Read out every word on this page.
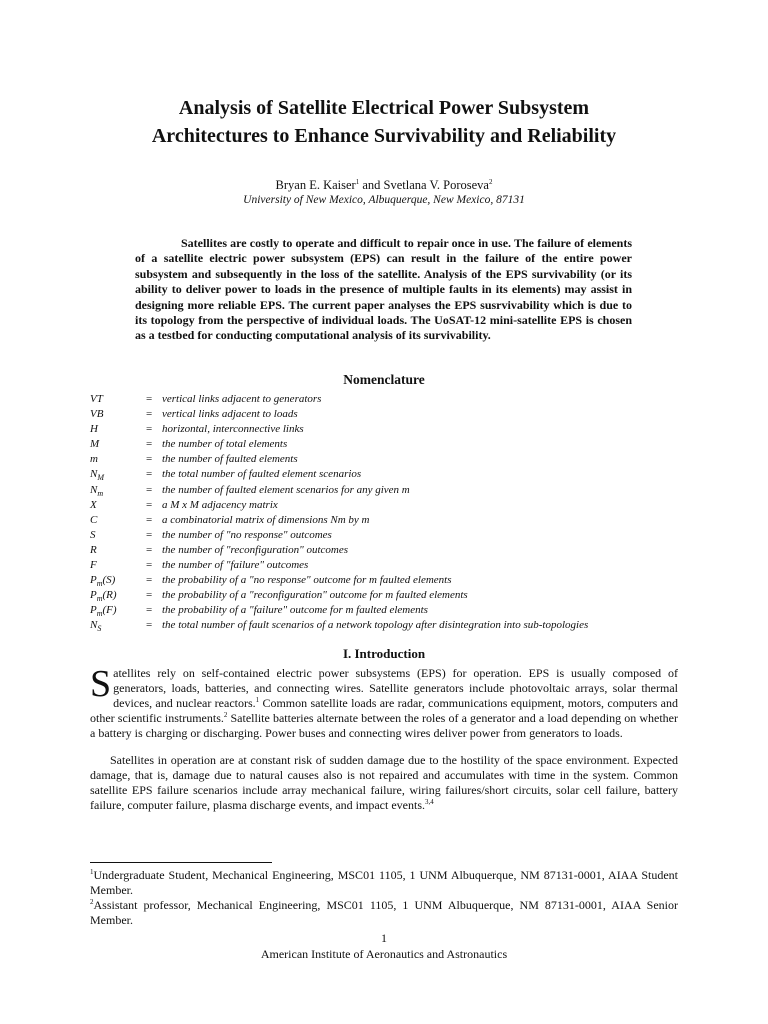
Analysis of Satellite Electrical Power Subsystem
Architectures to Enhance Survivability and Reliability
Bryan E. Kaiser$^1$ and Svetlana V. Poroseva$^2$
University of New Mexico, Albuquerque, New Mexico, 87131
Satellites are costly to operate and difficult to repair once in use. The failure of elements of a satellite electric power subsystem (EPS) can result in the failure of the entire power subsystem and subsequently in the loss of the satellite. Analysis of the EPS survivability (or its ability to deliver power to loads in the presence of multiple faults in its elements) may assist in designing more reliable EPS. The current paper analyses the EPS susrvivability which is due to its topology from the perspective of individual loads. The UoSAT-12 mini-satellite EPS is chosen as a testbed for conducting computational analysis of its survivability.
Nomenclature
VT	= vertical links adjacent to generators
VB	= vertical links adjacent to loads
H	= horizontal, interconnective links
M	= the number of total elements
m	= the number of faulted elements
$N_M$	= the total number of faulted element scenarios
$N_m$	= the number of faulted element scenarios for any given m
X	= a M x M adjacency matrix
C	= a combinatorial matrix of dimensions Nm by m
S	= the number of "no response" outcomes
R	= the number of "reconfiguration" outcomes
F	= the number of "failure" outcomes
$P_m(S)$	= the probability of a "no response" outcome for m faulted elements
$P_m(R)$	= the probability of a "reconfiguration" outcome for m faulted elements
$P_m(F)$	= the probability of a "failure" outcome for m faulted elements
$N_S$	= the total number of fault scenarios of a network topology after disintegration into sub-topologies
I. Introduction
Satellites rely on self-contained electric power subsystems (EPS) for operation. EPS is usually composed of generators, loads, batteries, and connecting wires. Satellite generators include photovoltaic arrays, solar thermal devices, and nuclear reactors.$^1$ Common satellite loads are radar, communications equipment, motors, computers and other scientific instruments.$^2$ Satellite batteries alternate between the roles of a generator and a load depending on whether a battery is charging or discharging. Power buses and connecting wires deliver power from generators to loads.
Satellites in operation are at constant risk of sudden damage due to the hostility of the space environment. Expected damage, that is, damage due to natural causes also is not repaired and accumulates with time in the system. Common satellite EPS failure scenarios include array mechanical failure, wiring failures/short circuits, solar cell failure, battery failure, computer failure, plasma discharge events, and impact events.$^{3,4}$

$^1$Undergraduate Student, Mechanical Engineering, MSC01 1105, 1 UNM Albuquerque, NM 87131-0001, AIAA Student Member.

$^2$Assistant professor, Mechanical Engineering, MSC01 1105, 1 UNM Albuquerque, NM 87131-0001, AIAA Senior Member.

1
American Institute of Aeronautics and Astronautics
